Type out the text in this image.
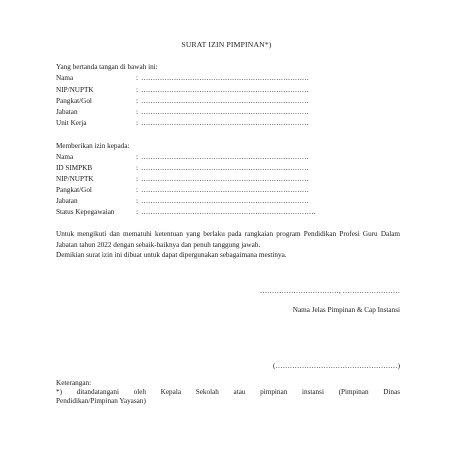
SURAT IZIN PIMPINAN*)
Yang bertanda tangan di bawah ini:
Nama	: ………………………………………………………………
NIP/NUPTK	: ………………………………………………………………
Pangkat/Gol	: ………………………………………………………………
Jabatan	: ………………………………………………………………
Unit Kerja	: ………………………………………………………………
Memberikan izin kepada:
Nama	: ………………………………………………………………
ID SIMPKB	: ………………………………………………………………
NIP/NUPTK	: ………………………………………………………………
Pangkat/Gol	: ………………………………………………………………
Jabatan	: ………………………………………………………………
Status Kepegawaian	: …………………………………………………………………
Untuk mengikuti dan mematuhi ketentuan yang berlaku pada rangkaian program Pendidikan Profesi Guru Dalam Jabatan tahun 2022 dengan sebaik-baiknya dan penuh tanggung jawab.
Demikian surat izin ini dibuat untuk dapat dipergunakan sebagaimana mestinya.
……………………………, ……………………
Nama Jelas Pimpinan & Cap Instansi
(……………………………………………)
Keterangan:
*) ditandatangani oleh Kepala Sekolah atau pimpinan instansi (Pimpinan Dinas
Pendidikan/Pimpinan Yayasan)
